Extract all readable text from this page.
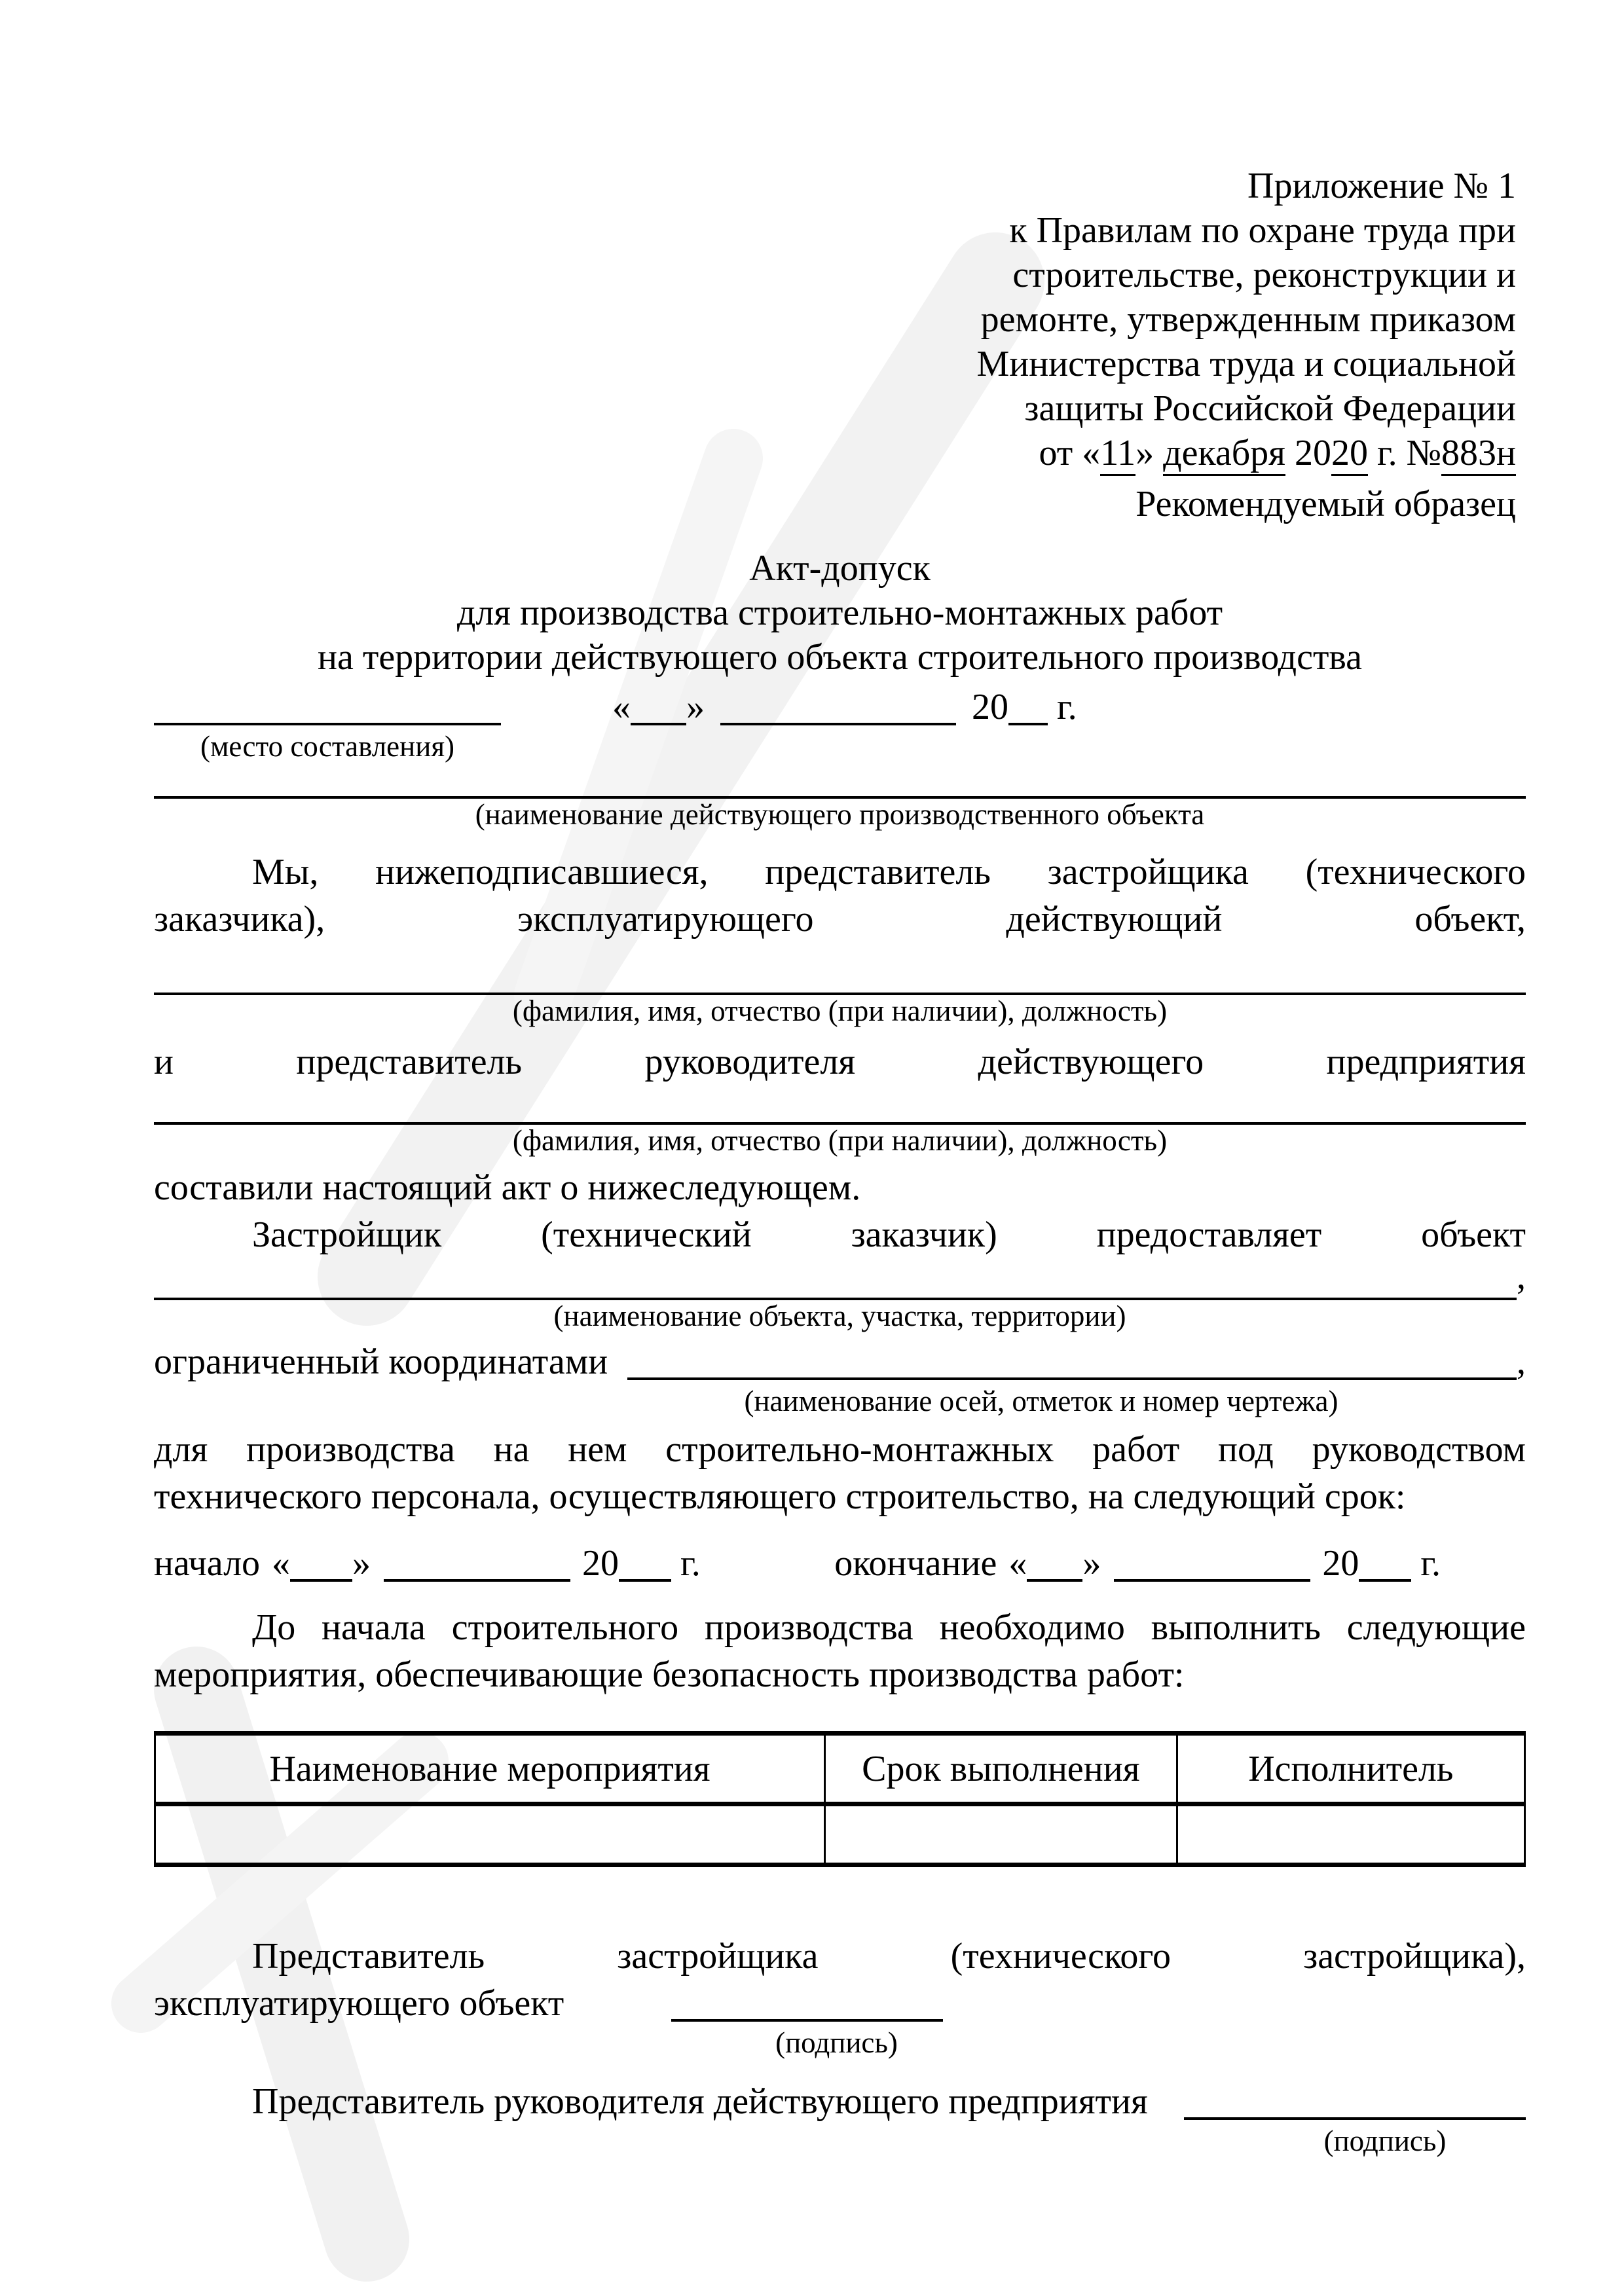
Приложение № 1
к Правилам по охране труда при
строительстве, реконструкции и
ремонте, утвержденным приказом
Министерства труда и социальной
защиты Российской Федерации
от «11» декабря 2020 г. №883н
Рекомендуемый образец
Акт-допуск
для производства строительно-монтажных работ
на территории действующего объекта строительного производства
« »	20 г.
(место составления)
(наименование действующего производственного объекта
Мы, нижеподписавшиеся, представитель застройщика (технического
заказчика),	эксплуатирующего	действующий	объект,
(фамилия, имя, отчество (при наличии), должность)
и	представитель	руководителя	действующего	предприятия
(фамилия, имя, отчество (при наличии), должность)
составили настоящий акт о нижеследующем.
Застройщик	(технический	заказчик)	предоставляет	объект
,
(наименование объекта, участка, территории)
ограниченный координатами	,
(наименование осей, отметок и номер чертежа)
для производства на нем строительно-монтажных работ под руководством
технического персонала, осуществляющего строительство, на следующий срок:
начало « »	20 г.	окончание « »	20 г.
До начала строительного производства необходимо выполнить следующие
мероприятия, обеспечивающие безопасность производства работ:
Наименование мероприятия	Срок выполнения	Исполнитель

Представитель	застройщика	(технического	застройщика),
эксплуатирующего объект
(подпись)
Представитель руководителя действующего предприятия
(подпись)
